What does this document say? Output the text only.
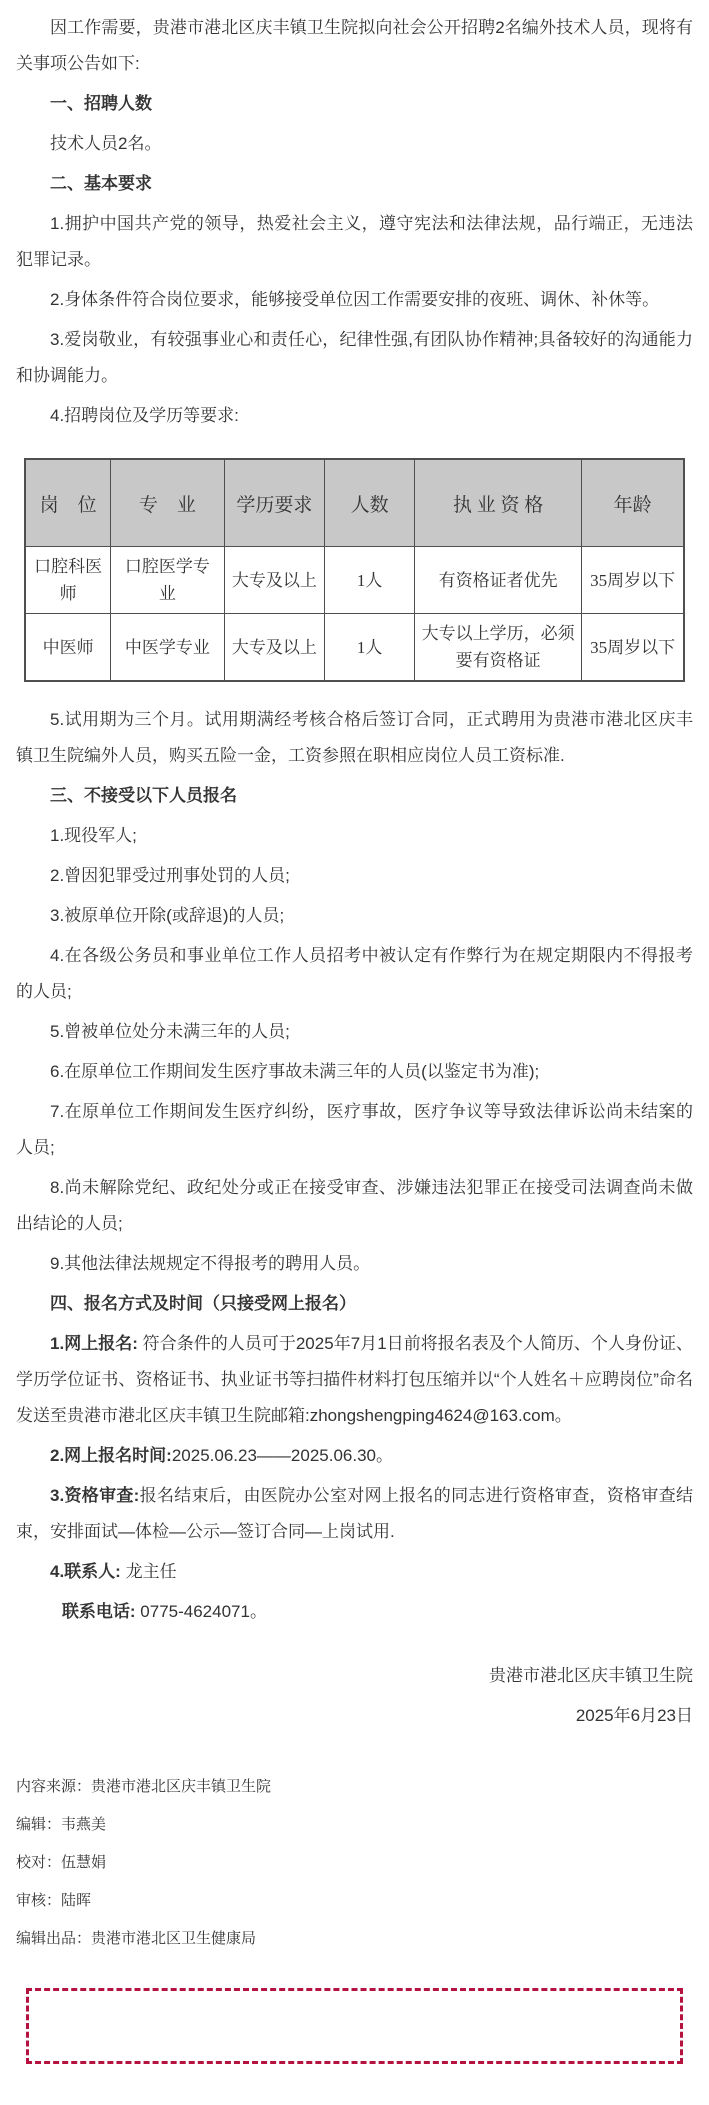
因工作需要，贵港市港北区庆丰镇卫生院拟向社会公开招聘2名编外技术人员，现将有关事项公告如下:

一、招聘人数

技术人员2名。

二、基本要求

1.拥护中国共产党的领导，热爱社会主义，遵守宪法和法律法规，品行端正，无违法犯罪记录。

2.身体条件符合岗位要求，能够接受单位因工作需要安排的夜班、调休、补休等。

3.爱岗敬业，有较强事业心和责任心，纪律性强,有团队协作精神;具备较好的沟通能力和协调能力。

4.招聘岗位及学历等要求:

岗　位	专　业	学历要求	人数	执 业 资 格	年龄
口腔科医师	口腔医学专业	大专及以上	1人	有资格证者优先	35周岁以下
中医师	中医学专业	大专及以上	1人	大专以上学历，必须要有资格证	35周岁以下

5.试用期为三个月。试用期满经考核合格后签订合同，正式聘用为贵港市港北区庆丰镇卫生院编外人员，购买五险一金，工资参照在职相应岗位人员工资标准.

三、不接受以下人员报名

1.现役军人;

2.曾因犯罪受过刑事处罚的人员;

3.被原单位开除(或辞退)的人员;

4.在各级公务员和事业单位工作人员招考中被认定有作弊行为在规定期限内不得报考的人员;

5.曾被单位处分未满三年的人员;

6.在原单位工作期间发生医疗事故未满三年的人员(以鉴定书为准);

7.在原单位工作期间发生医疗纠纷，医疗事故，医疗争议等导致法律诉讼尚未结案的人员;

8.尚未解除党纪、政纪处分或正在接受审查、涉嫌违法犯罪正在接受司法调查尚未做出结论的人员;

9.其他法律法规规定不得报考的聘用人员。

四、报名方式及时间（只接受网上报名）

1.网上报名: 符合条件的人员可于2025年7月1日前将报名表及个人简历、个人身份证、学历学位证书、资格证书、执业证书等扫描件材料打包压缩并以“个人姓名＋应聘岗位”命名发送至贵港市港北区庆丰镇卫生院邮箱:zhongshengping4624@163.com。

2.网上报名时间:2025.06.23——2025.06.30。

3.资格审查:报名结束后，由医院办公室对网上报名的同志进行资格审查，资格审查结束，安排面试—体检—公示—签订合同—上岗试用.

4.联系人: 龙主任

联系电话: 0775-4624071。

贵港市港北区庆丰镇卫生院

2025年6月23日

内容来源：贵港市港北区庆丰镇卫生院

编辑：韦燕美

校对：伍慧娟

审核：陆晖

编辑出品：贵港市港北区卫生健康局
